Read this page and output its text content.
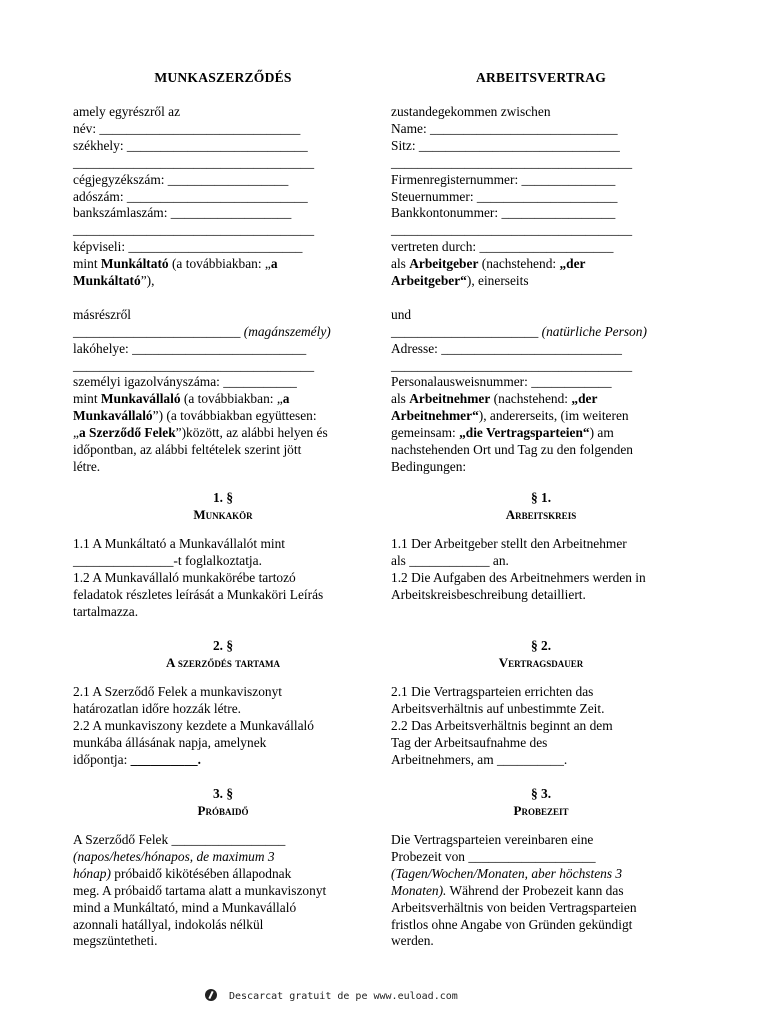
MUNKASZERZŐDÉS
amely egyrészről az
név: ______________________________
székhely: ___________________________
____________________________________
cégjegyzékszám: __________________
adószám: ___________________________
bankszámlaszám: __________________
____________________________________
képviseli: __________________________
mint Munkáltató (a továbbiakban: „a
Munkáltató”),
másrészről
_________________________ (magánszemély)
lakóhelye: __________________________
____________________________________
személyi igazolványszáma: ___________
mint Munkavállaló (a továbbiakban: „a
Munkavállaló”) (a továbbiakban együttesen:
„a Szerződő Felek”)között, az alábbi helyen és
időpontban, az alábbi feltételek szerint jött
létre.
1. §
Munkakör
1.1 A Munkáltató a Munkavállalót mint
_______________-t foglalkoztatja.
1.2 A Munkavállaló munkakörébe tartozó
feladatok részletes leírását a Munkaköri Leírás
tartalmazza.
2. §
A szerződés tartama
2.1 A Szerződő Felek a munkaviszonyt
határozatlan időre hozzák létre.
2.2 A munkaviszony kezdete a Munkavállaló
munkába állásának napja, amelynek
időpontja: __________.
3. §
Próbaidő
A Szerződő Felek _________________
(napos/hetes/hónapos, de maximum 3
hónap) próbaidő kikötésében állapodnak
meg. A próbaidő tartama alatt a munkaviszonyt
mind a Munkáltató, mind a Munkavállaló
azonnali hatállyal, indokolás nélkül
megszüntetheti.
ARBEITSVERTRAG
zustandegekommen zwischen
Name: ____________________________
Sitz: ______________________________
____________________________________
Firmenregisternummer: ______________
Steuernummer: _____________________
Bankkontonummer: _________________
____________________________________
vertreten durch: ____________________
als Arbeitgeber (nachstehend: „der
Arbeitgeber“), einerseits
und
______________________ (natürliche Person)
Adresse: ___________________________
____________________________________
Personalausweisnummer: ____________
als Arbeitnehmer (nachstehend: „der
Arbeitnehmer“), andererseits, (im weiteren
gemeinsam: „die Vertragsparteien“) am
nachstehenden Ort und Tag zu den folgenden
Bedingungen:
§ 1.
Arbeitskreis
1.1 Der Arbeitgeber stellt den Arbeitnehmer
als ____________ an.
1.2 Die Aufgaben des Arbeitnehmers werden in
Arbeitskreisbeschreibung detailliert.
§ 2.
Vertragsdauer
2.1 Die Vertragsparteien errichten das
Arbeitsverhältnis auf unbestimmte Zeit.
2.2 Das Arbeitsverhältnis beginnt an dem
Tag der Arbeitsaufnahme des
Arbeitnehmers, am __________.
§ 3.
Probezeit
Die Vertragsparteien vereinbaren eine
Probezeit von ___________________
(Tagen/Wochen/Monaten, aber höchstens 3
Monaten). Während der Probezeit kann das
Arbeitsverhältnis von beiden Vertragsparteien
fristlos ohne Angabe von Gründen gekündigt
werden.
Descarcat gratuit de pe www.euload.com
